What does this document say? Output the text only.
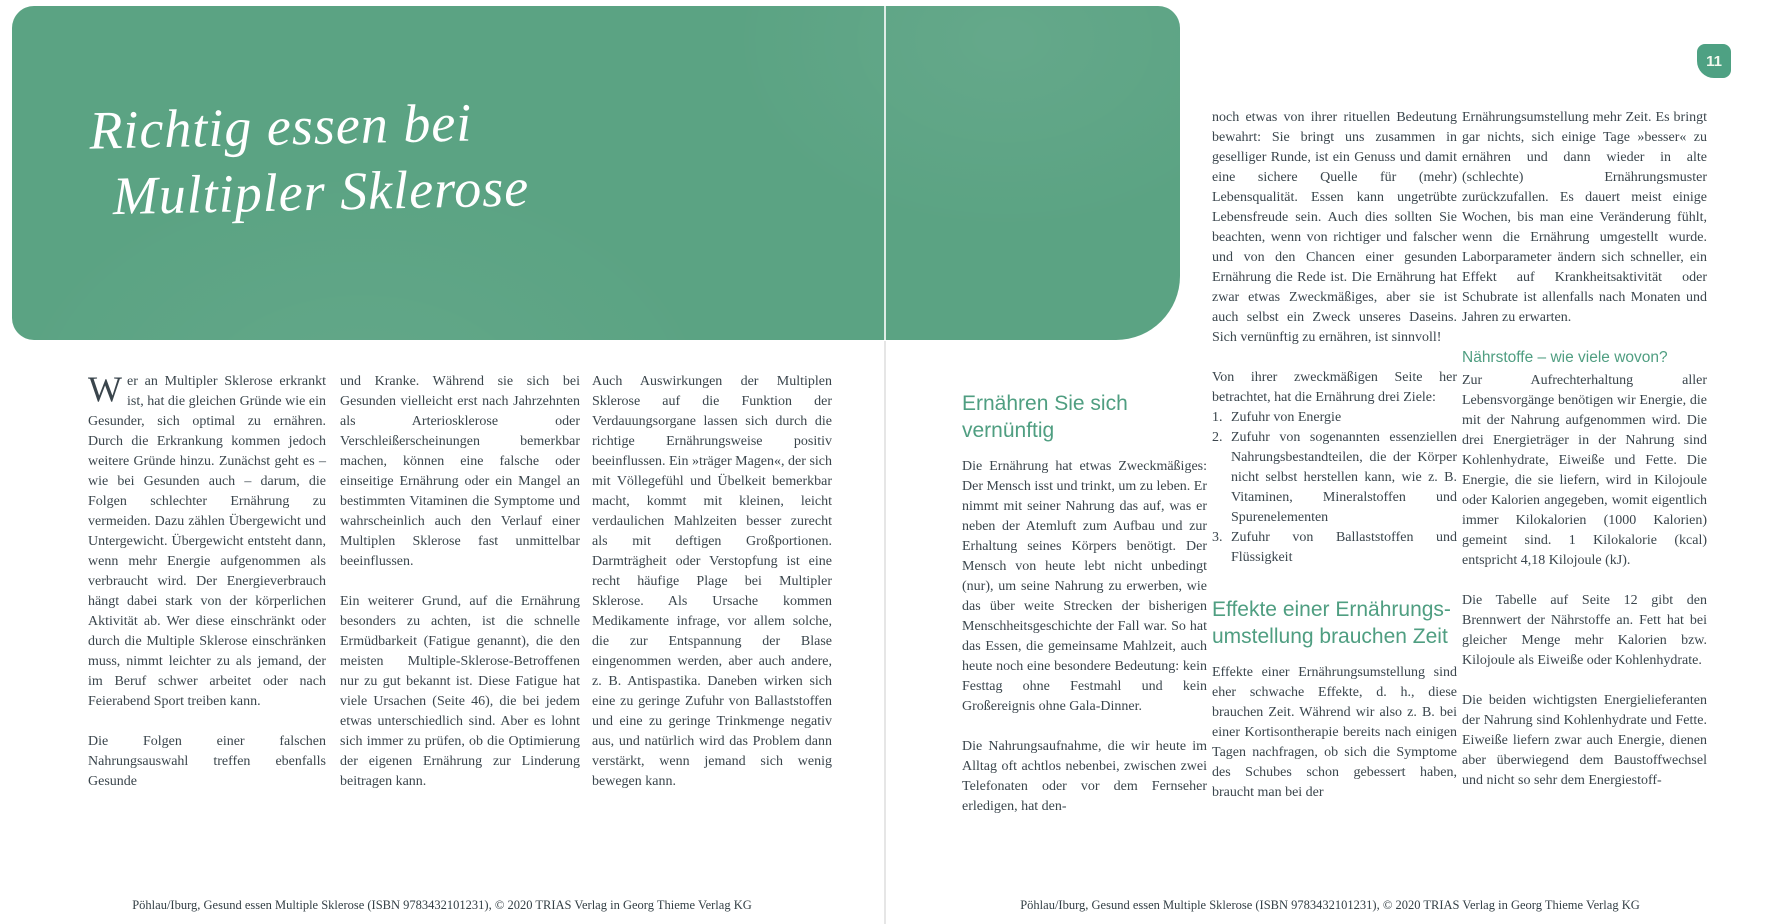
Richtig essen bei
Multipler Sklerose
11

Wer an Multipler Sklerose erkrankt ist, hat die gleichen Gründe wie ein Gesunder, sich optimal zu ernähren. Durch die Erkrankung kommen jedoch weitere Gründe hinzu. Zunächst geht es – wie bei Gesunden auch – darum, die Folgen schlechter Ernährung zu vermeiden. Dazu zählen Übergewicht und Untergewicht. Übergewicht entsteht dann, wenn mehr Energie aufgenommen als verbraucht wird. Der Energieverbrauch hängt dabei stark von der körperlichen Aktivität ab. Wer diese einschränkt oder durch die Multiple Sklerose einschränken muss, nimmt leichter zu als jemand, der im Beruf schwer arbeitet oder nach Feierabend Sport treiben kann.

Die Folgen einer falschen Nahrungsauswahl treffen ebenfalls Gesunde

und Kranke. Während sie sich bei Gesunden vielleicht erst nach Jahrzehnten als Arteriosklerose oder Verschleißerscheinungen bemerkbar machen, können eine falsche oder einseitige Ernährung oder ein Mangel an bestimmten Vitaminen die Symptome und wahrscheinlich auch den Verlauf einer Multiplen Sklerose fast unmittelbar beeinflussen.

Ein weiterer Grund, auf die Ernährung besonders zu achten, ist die schnelle Ermüdbarkeit (Fatigue genannt), die den meisten Multiple-Sklerose-Betroffenen nur zu gut bekannt ist. Diese Fatigue hat viele Ursachen (Seite 46), die bei jedem etwas unterschiedlich sind. Aber es lohnt sich immer zu prüfen, ob die Optimierung der eigenen Ernährung zur Linderung beitragen kann.

Auch Auswirkungen der Multiplen Sklerose auf die Funktion der Verdauungsorgane lassen sich durch die richtige Ernährungsweise positiv beeinflussen. Ein »träger Magen«, der sich mit Völlegefühl und Übelkeit bemerkbar macht, kommt mit kleinen, leicht verdaulichen Mahlzeiten besser zurecht als mit deftigen Großportionen. Darmträgheit oder Verstopfung ist eine recht häufige Plage bei Multipler Sklerose. Als Ursache kommen Medikamente infrage, vor allem solche, die zur Entspannung der Blase eingenommen werden, aber auch andere, z. B. Antispastika. Daneben wirken sich eine zu geringe Zufuhr von Ballaststoffen und eine zu geringe Trinkmenge negativ aus, und natürlich wird das Problem dann verstärkt, wenn jemand sich wenig bewegen kann.

Ernähren Sie sich vernünftig

Die Ernährung hat etwas Zweckmäßiges: Der Mensch isst und trinkt, um zu leben. Er nimmt mit seiner Nahrung das auf, was er neben der Atemluft zum Aufbau und zur Erhaltung seines Körpers benötigt. Der Mensch von heute lebt nicht unbedingt (nur), um seine Nahrung zu erwerben, wie das über weite Strecken der bisherigen Menschheitsgeschichte der Fall war. So hat das Essen, die gemeinsame Mahlzeit, auch heute noch eine besondere Bedeutung: kein Festtag ohne Festmahl und kein Großereignis ohne Gala-Dinner.

Die Nahrungsaufnahme, die wir heute im Alltag oft achtlos nebenbei, zwischen zwei Telefonaten oder vor dem Fernseher erledigen, hat den-

noch etwas von ihrer rituellen Bedeutung bewahrt: Sie bringt uns zusammen in geselliger Runde, ist ein Genuss und damit eine sichere Quelle für (mehr) Lebensqualität. Essen kann ungetrübte Lebensfreude sein. Auch dies sollten Sie beachten, wenn von richtiger und falscher und von den Chancen einer gesunden Ernährung die Rede ist. Die Ernährung hat zwar etwas Zweckmäßiges, aber sie ist auch selbst ein Zweck unseres Daseins. Sich vernünftig zu ernähren, ist sinnvoll!

Von ihrer zweckmäßigen Seite her betrachtet, hat die Ernährung drei Ziele:

1. Zufuhr von Energie
2. Zufuhr von sogenannten essenziellen Nahrungsbestandteilen, die der Körper nicht selbst herstellen kann, wie z. B. Vitaminen, Mineralstoffen und Spurenelementen
3. Zufuhr von Ballaststoffen und Flüssigkeit
Effekte einer Ernährungs-umstellung brauchen Zeit

Effekte einer Ernährungsumstellung sind eher schwache Effekte, d. h., diese brauchen Zeit. Während wir also z. B. bei einer Kortisontherapie bereits nach einigen Tagen nachfragen, ob sich die Symptome des Schubes schon gebessert haben, braucht man bei der

Ernährungsumstellung mehr Zeit. Es bringt gar nichts, sich einige Tage »besser« zu ernähren und dann wieder in alte (schlechte) Ernährungsmuster zurückzufallen. Es dauert meist einige Wochen, bis man eine Veränderung fühlt, wenn die Ernährung umgestellt wurde. Laborparameter ändern sich schneller, ein Effekt auf Krankheitsaktivität oder Schubrate ist allenfalls nach Monaten und Jahren zu erwarten.

Nährstoffe – wie viele wovon?

Zur Aufrechterhaltung aller Lebensvorgänge benötigen wir Energie, die mit der Nahrung aufgenommen wird. Die drei Energieträger in der Nahrung sind Kohlenhydrate, Eiweiße und Fette. Die Energie, die sie liefern, wird in Kilojoule oder Kalorien angegeben, womit eigentlich immer Kilokalorien (1000 Kalorien) gemeint sind. 1 Kilokalorie (kcal) entspricht 4,18 Kilojoule (kJ).

Die Tabelle auf Seite 12 gibt den Brennwert der Nährstoffe an. Fett hat bei gleicher Menge mehr Kalorien bzw. Kilojoule als Eiweiße oder Kohlenhydrate.

Die beiden wichtigsten Energielieferanten der Nahrung sind Kohlenhydrate und Fette. Eiweiße liefern zwar auch Energie, dienen aber überwiegend dem Baustoffwechsel und nicht so sehr dem Energiestoff-

Pöhlau/Iburg, Gesund essen Multiple Sklerose (ISBN 9783432101231), © 2020 TRIAS Verlag in Georg Thieme Verlag KG	Pöhlau/Iburg, Gesund essen Multiple Sklerose (ISBN 9783432101231), © 2020 TRIAS Verlag in Georg Thieme Verlag KG
